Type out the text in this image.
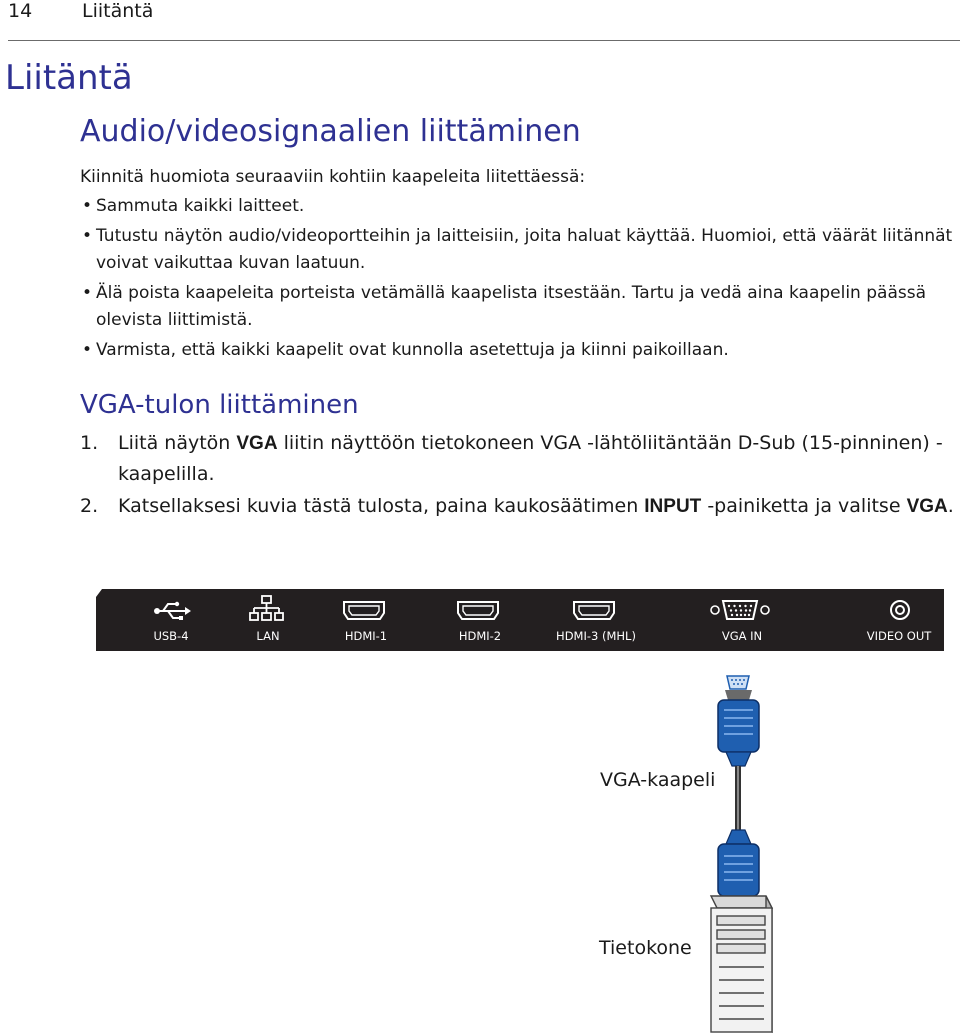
14	Liitäntä
Liitäntä
Audio/videosignaalien liittäminen
Kiinnitä huomiota seuraaviin kohtiin kaapeleita liitettäessä:
• Sammuta kaikki laitteet.
• Tutustu näytön audio/videoportteihin ja laitteisiin, joita haluat käyttää. Huomioi, että väärät liitännät voivat vaikuttaa kuvan laatuun.
• Älä poista kaapeleita porteista vetämällä kaapelista itsestään. Tartu ja vedä aina kaapelin päässä olevista liittimistä.
• Varmista, että kaikki kaapelit ovat kunnolla asetettuja ja kiinni paikoillaan.
VGA-tulon liittäminen
1. Liitä näytön VGA liitin näyttöön tietokoneen VGA -lähtöliitäntään D-Sub (15-pinninen) -kaapelilla.
2. Katsellaksesi kuvia tästä tulosta, paina kaukosäätimen INPUT -painiketta ja valitse VGA.
USB-4	LAN	HDMI-1	HDMI-2	HDMI-3 (MHL)	VGA IN	VIDEO OUT
VGA-kaapeli
Tietokone
